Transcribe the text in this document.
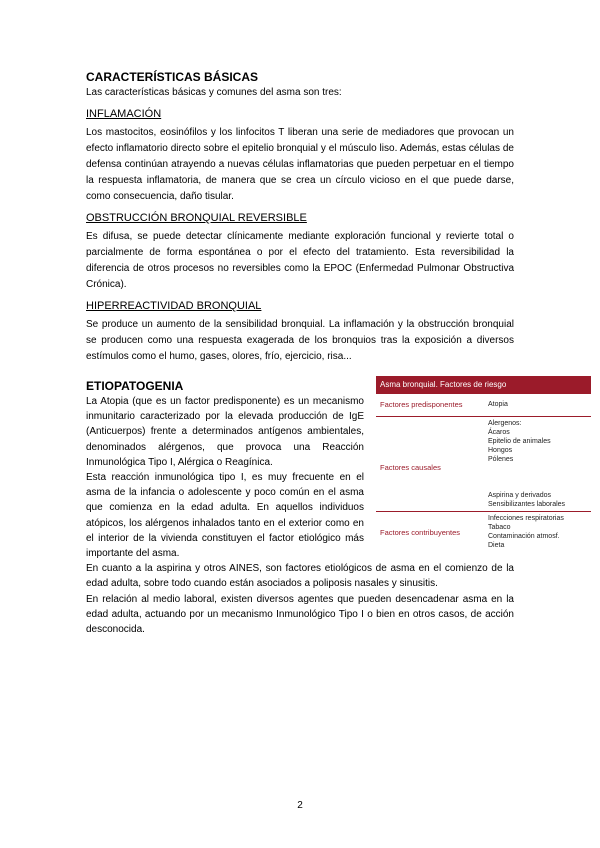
CARACTERÍSTICAS BÁSICAS

Las características básicas y comunes del asma son tres:

INFLAMACIÓN

Los mastocitos, eosinófilos y los linfocitos T liberan una serie de mediadores que provocan un efecto inflamatorio directo sobre el epitelio bronquial y el músculo liso. Además, estas células de defensa continúan atrayendo a nuevas células inflamatorias que pueden perpetuar en el tiempo la respuesta inflamatoria, de manera que se crea un círculo vicioso en el que puede darse, como consecuencia, daño tisular.

OBSTRUCCIÓN BRONQUIAL REVERSIBLE

Es difusa, se puede detectar clínicamente mediante exploración funcional y revierte total o parcialmente de forma espontánea o por el efecto del tratamiento. Esta reversibilidad la diferencia de otros procesos no reversibles como la EPOC (Enfermedad Pulmonar Obstructiva Crónica).

HIPERREACTIVIDAD BRONQUIAL

Se produce un aumento de la sensibilidad bronquial. La inflamación y la obstrucción bronquial se producen como una respuesta exagerada de los bronquios tras la exposición a diversos estímulos como el humo, gases, olores, frío, ejercicio, risa...

ETIOPATOGENIA

La Atopia (que es un factor predisponente) es un mecanismo inmunitario caracterizado por la elevada producción de IgE (Anticuerpos) frente a determinados antígenos ambientales, denominados alérgenos, que provoca una Reacción Inmunológica Tipo I, Alérgica o Reagínica.

Esta reacción inmunológica tipo I, es muy frecuente en el asma de la infancia o adolescente y poco común en el asma que comienza en la edad adulta. En aquellos individuos atópicos, los alérgenos inhalados tanto en el exterior como en el interior de la vivienda constituyen el factor etiológico más importante del asma.

En cuanto a la aspirina y otros AINES, son factores etiológicos de asma en el comienzo de la edad adulta, sobre todo cuando están asociados a poliposis nasales y sinusitis.

En relación al medio laboral, existen diversos agentes que pueden desencadenar asma en la edad adulta, actuando por un mecanismo Inmunológico Tipo I o bien en otros casos, de acción desconocida.

Asma bronquial. Factores de riesgo
Factores predisponentes	Atopia
Factores causales
Alergenos:
Ácaros
Epitelio de animales
Hongos
Pólenes
Aspirina y derivados
Sensibilizantes laborales
Factores contribuyentes
Infecciones respiratorias
Tabaco
Contaminación atmosf.
Dieta
2
